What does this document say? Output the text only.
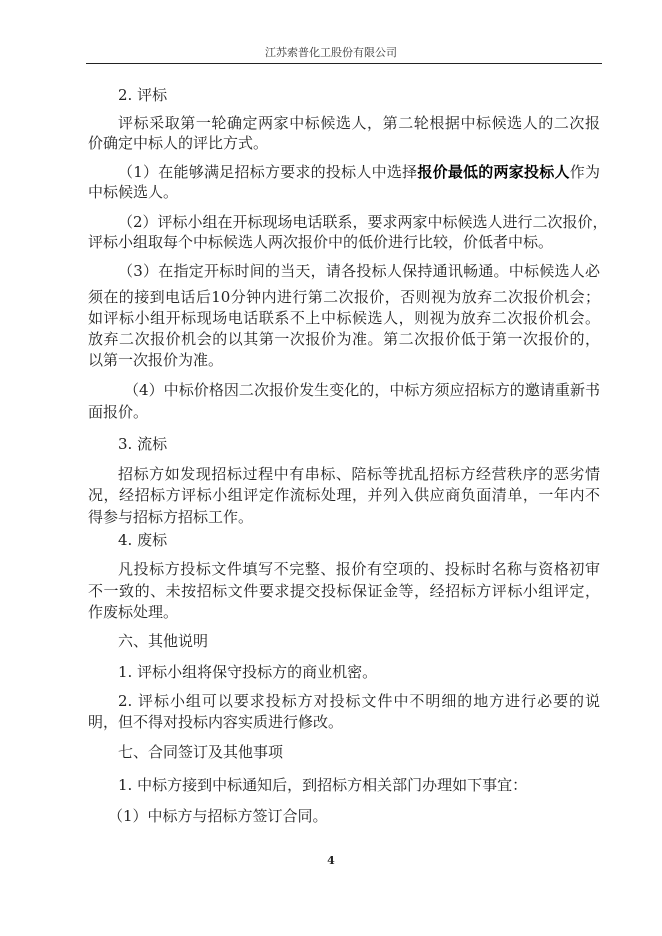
江苏索普化工股份有限公司
2. 评标
评标采取第一轮确定两家中标候选人，第二轮根据中标候选人的二次报
价确定中标人的评比方式。
（1）在能够满足招标方要求的投标人中选择报价最低的两家投标人作为
中标候选人。
（2）评标小组在开标现场电话联系，要求两家中标候选人进行二次报价，
评标小组取每个中标候选人两次报价中的低价进行比较，价低者中标。
（3）在指定开标时间的当天，请各投标人保持通讯畅通。中标候选人必
须在的接到电话后10分钟内进行第二次报价，否则视为放弃二次报价机会；
如评标小组开标现场电话联系不上中标候选人，则视为放弃二次报价机会。
放弃二次报价机会的以其第一次报价为准。第二次报价低于第一次报价的，
以第一次报价为准。
（4）中标价格因二次报价发生变化的，中标方须应招标方的邀请重新书
面报价。
3. 流标
招标方如发现招标过程中有串标、陪标等扰乱招标方经营秩序的恶劣情
况，经招标方评标小组评定作流标处理，并列入供应商负面清单，一年内不
得参与招标方招标工作。
4. 废标
凡投标方投标文件填写不完整、报价有空项的、投标时名称与资格初审
不一致的、未按招标文件要求提交投标保证金等，经招标方评标小组评定，
作废标处理。
六、其他说明
1. 评标小组将保守投标方的商业机密。
2. 评标小组可以要求投标方对投标文件中不明细的地方进行必要的说
明，但不得对投标内容实质进行修改。
七、合同签订及其他事项
1. 中标方接到中标通知后，到招标方相关部门办理如下事宜：
（1）中标方与招标方签订合同。
4
